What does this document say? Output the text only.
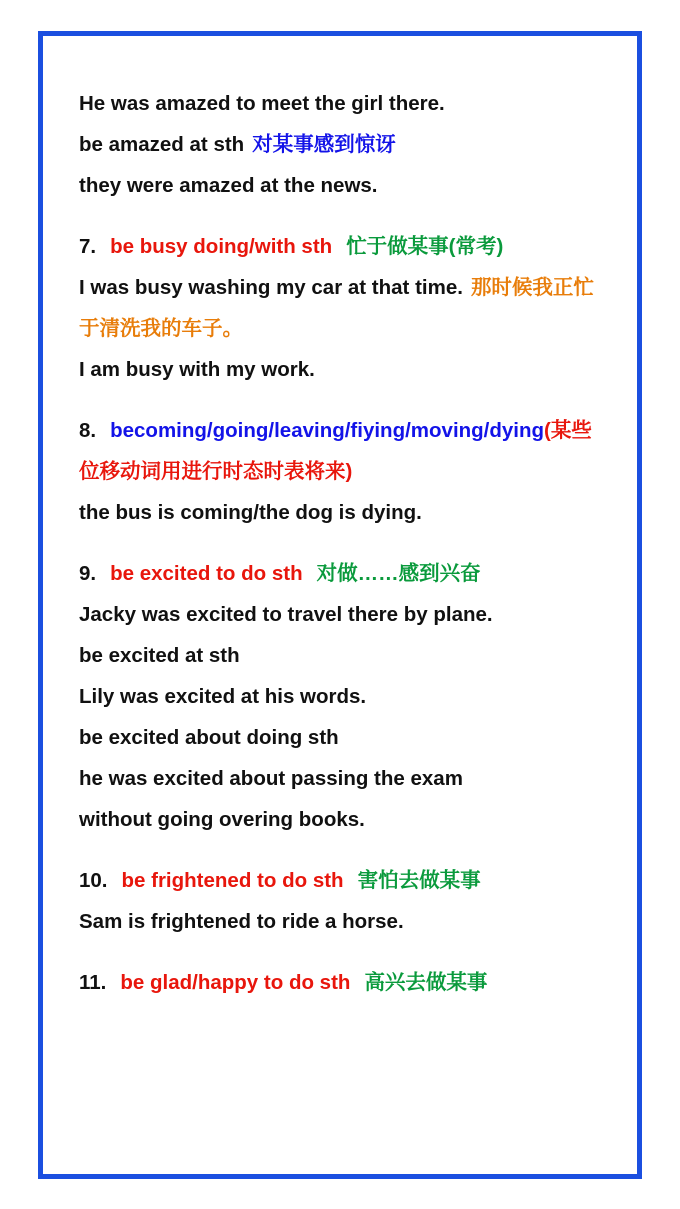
He was amazed to meet the girl there.
be amazed at sth 对某事感到惊讶
they were amazed at the news.
7. be busy doing/with sth 忙于做某事(常考)
I was busy washing my car at that time. 那时候我正忙于清洗我的车子。
I am busy with my work.
8. becoming/going/leaving/fiying/moving/dying(某些位移动词用进行时态时表将来)
the bus is coming/the dog is dying.
9. be excited to do sth 对做……感到兴奋
Jacky was excited to travel there by plane.
be excited at sth
Lily was excited at his words.
be excited about doing sth
he was excited about passing the exam
without going overing books.
10. be frightened to do sth 害怕去做某事
Sam is frightened to ride a horse.
11. be glad/happy to do sth 高兴去做某事
